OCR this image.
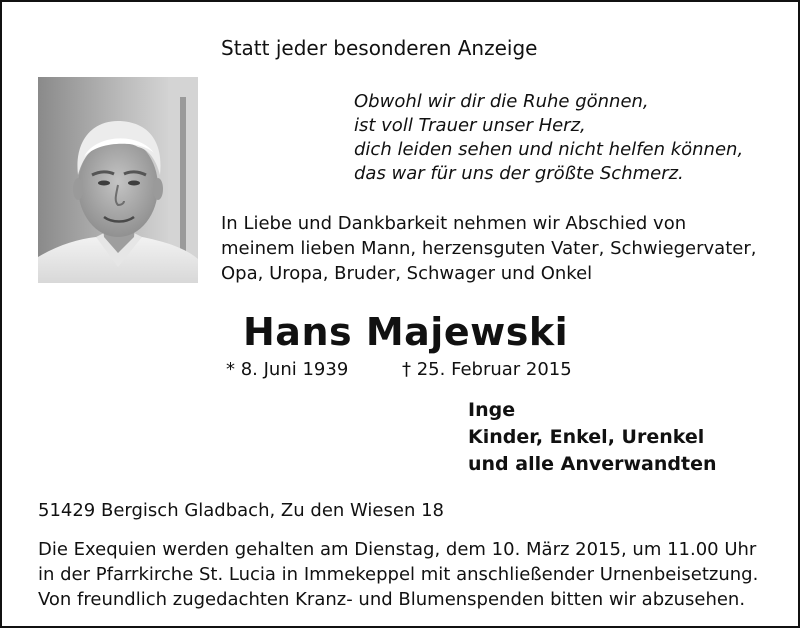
Statt jeder besonderen Anzeige
Obwohl wir dir die Ruhe gönnen,
ist voll Trauer unser Herz,
dich leiden sehen und nicht helfen können,
das war für uns der größte Schmerz.
In Liebe und Dankbarkeit nehmen wir Abschied von
meinem lieben Mann, herzensguten Vater, Schwiegervater,
Opa, Uropa, Bruder, Schwager und Onkel
Hans Majewski
* 8. Juni 1939	† 25. Februar 2015
Inge
Kinder, Enkel, Urenkel
und alle Anverwandten
51429 Bergisch Gladbach, Zu den Wiesen 18
Die Exequien werden gehalten am Dienstag, dem 10. März 2015, um 11.00 Uhr
in der Pfarrkirche St. Lucia in Immekeppel mit anschließender Urnenbeisetzung.
Von freundlich zugedachten Kranz- und Blumenspenden bitten wir abzusehen.
